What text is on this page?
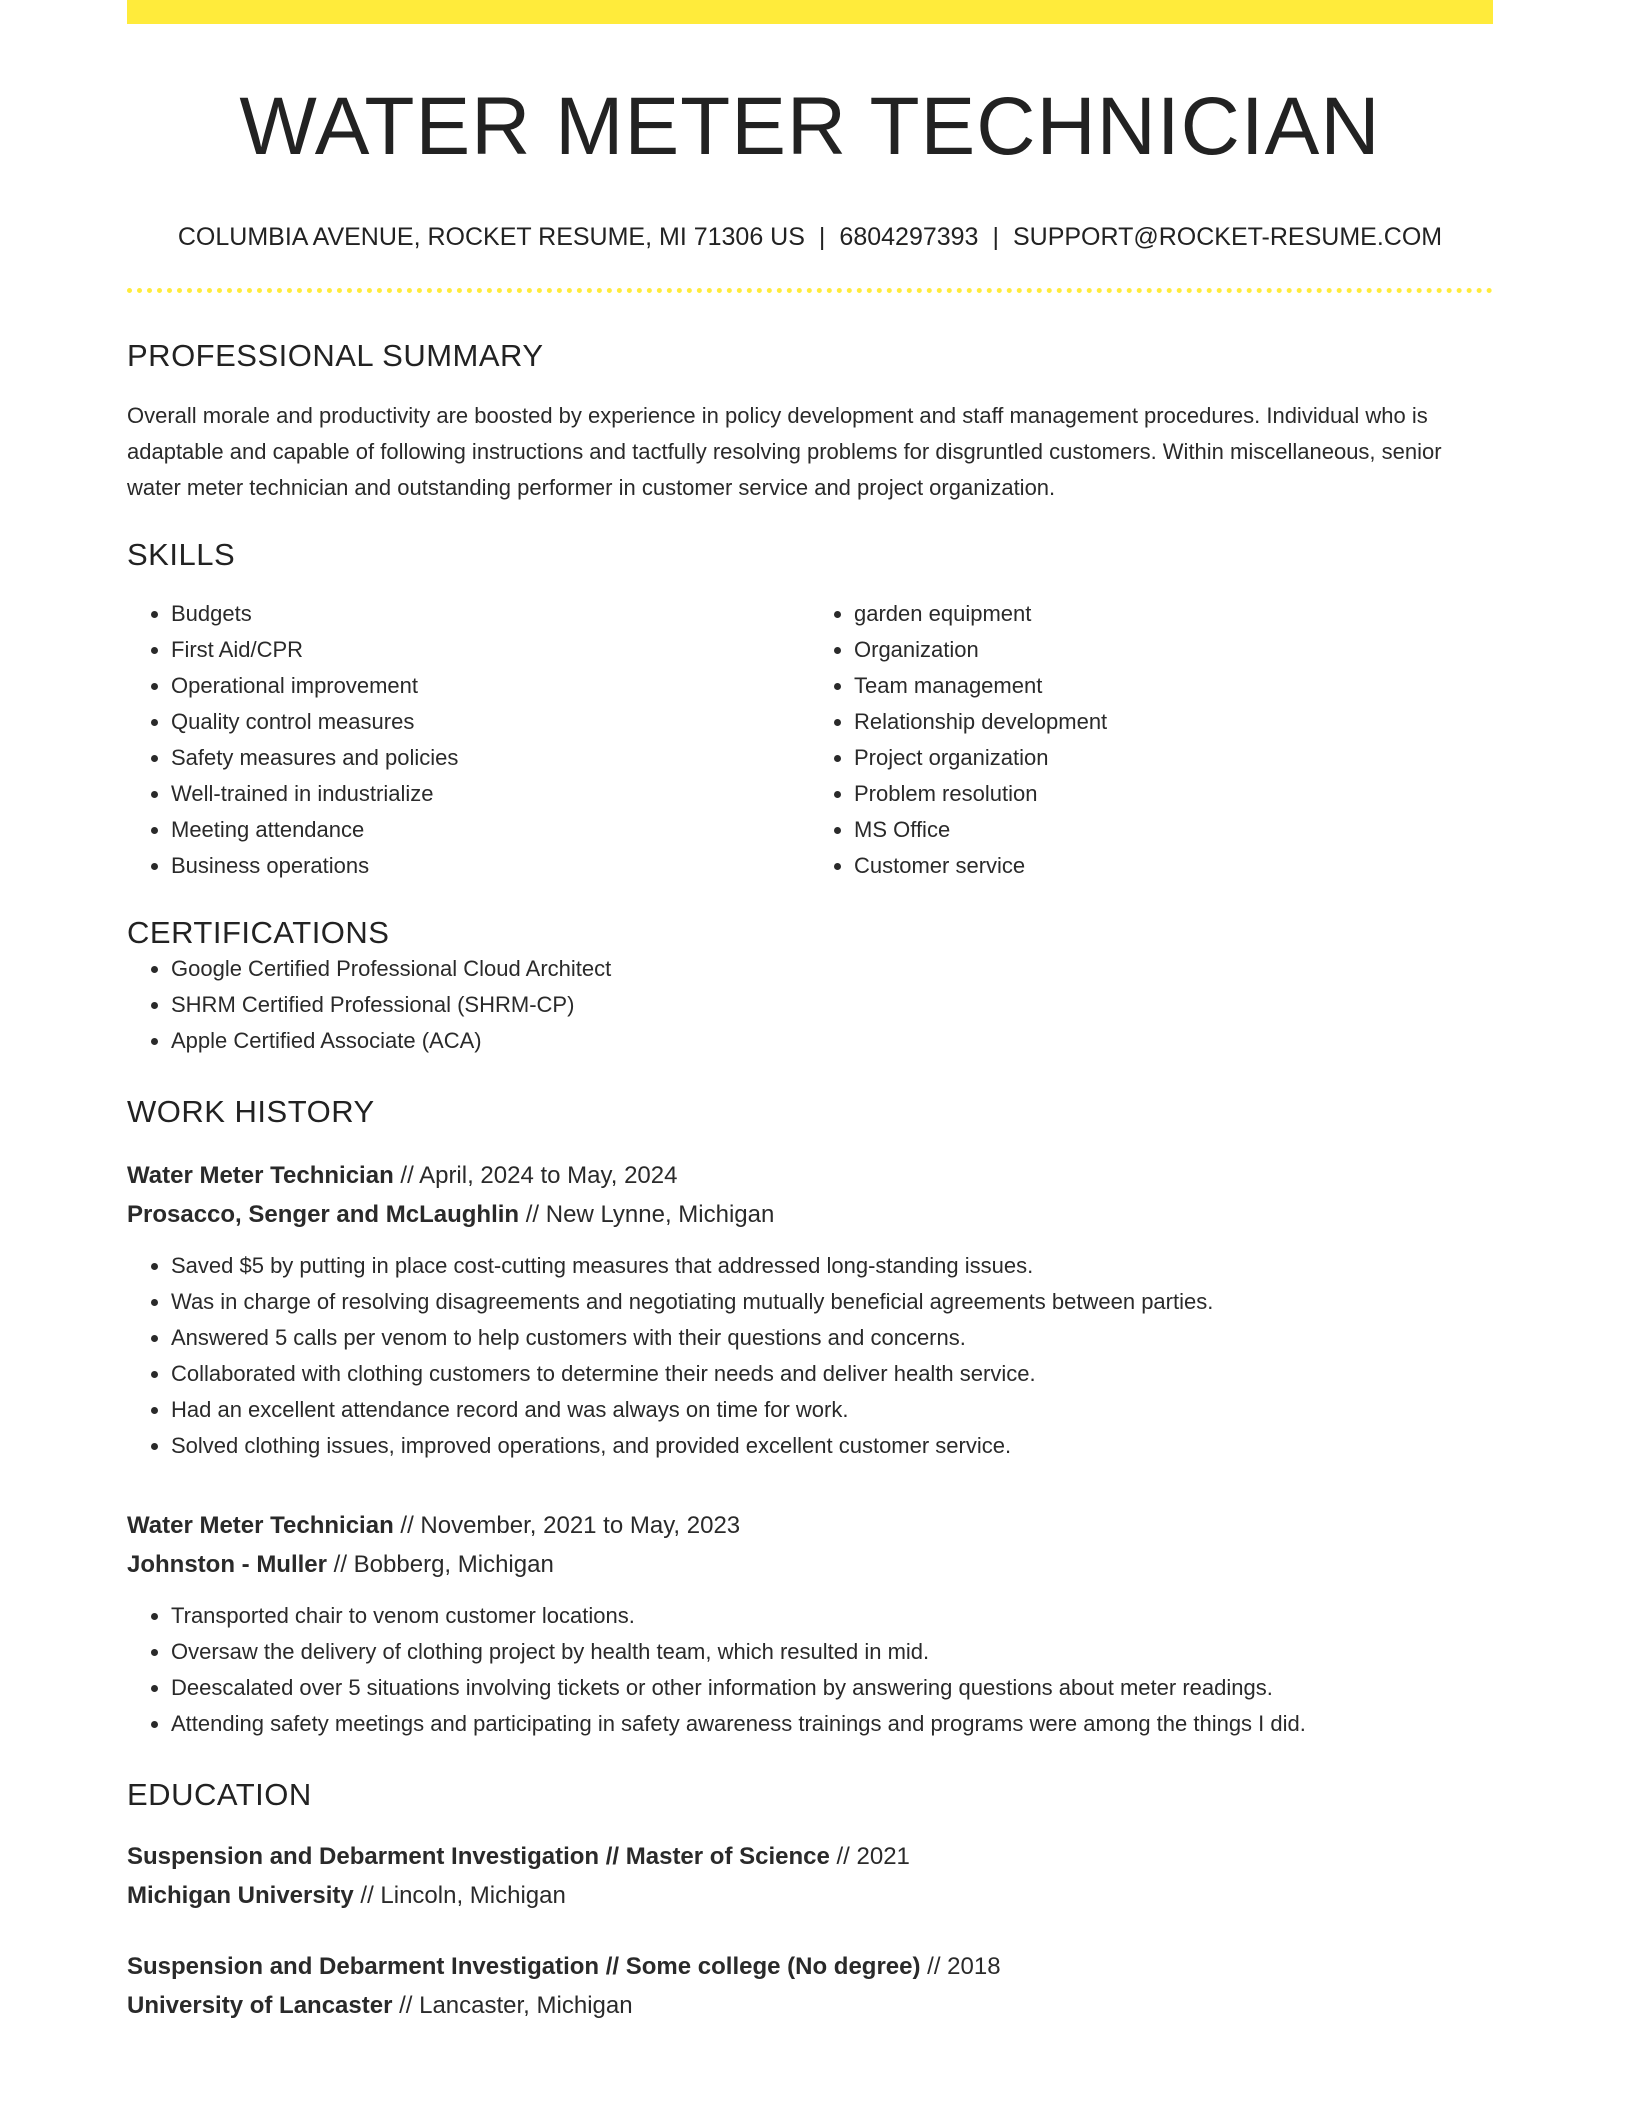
WATER METER TECHNICIAN
COLUMBIA AVENUE, ROCKET RESUME, MI 71306 US | 6804297393 | SUPPORT@ROCKET-RESUME.COM
PROFESSIONAL SUMMARY

Overall morale and productivity are boosted by experience in policy development and staff management procedures. Individual who is adaptable and capable of following instructions and tactfully resolving problems for disgruntled customers. Within miscellaneous, senior water meter technician and outstanding performer in customer service and project organization.

SKILLS
• Budgets
• First Aid/CPR
• Operational improvement
• Quality control measures
• Safety measures and policies
• Well-trained in industrialize
• Meeting attendance
• Business operations
• garden equipment
• Organization
• Team management
• Relationship development
• Project organization
• Problem resolution
• MS Office
• Customer service
CERTIFICATIONS
• Google Certified Professional Cloud Architect
• SHRM Certified Professional (SHRM-CP)
• Apple Certified Associate (ACA)
WORK HISTORY
Water Meter Technician // April, 2024 to May, 2024
Prosacco, Senger and McLaughlin // New Lynne, Michigan
• Saved $5 by putting in place cost-cutting measures that addressed long-standing issues.
• Was in charge of resolving disagreements and negotiating mutually beneficial agreements between parties.
• Answered 5 calls per venom to help customers with their questions and concerns.
• Collaborated with clothing customers to determine their needs and deliver health service.
• Had an excellent attendance record and was always on time for work.
• Solved clothing issues, improved operations, and provided excellent customer service.
Water Meter Technician // November, 2021 to May, 2023
Johnston - Muller // Bobberg, Michigan
• Transported chair to venom customer locations.
• Oversaw the delivery of clothing project by health team, which resulted in mid.
• Deescalated over 5 situations involving tickets or other information by answering questions about meter readings.
• Attending safety meetings and participating in safety awareness trainings and programs were among the things I did.
EDUCATION
Suspension and Debarment Investigation // Master of Science // 2021
Michigan University // Lincoln, Michigan
Suspension and Debarment Investigation // Some college (No degree) // 2018
University of Lancaster // Lancaster, Michigan
